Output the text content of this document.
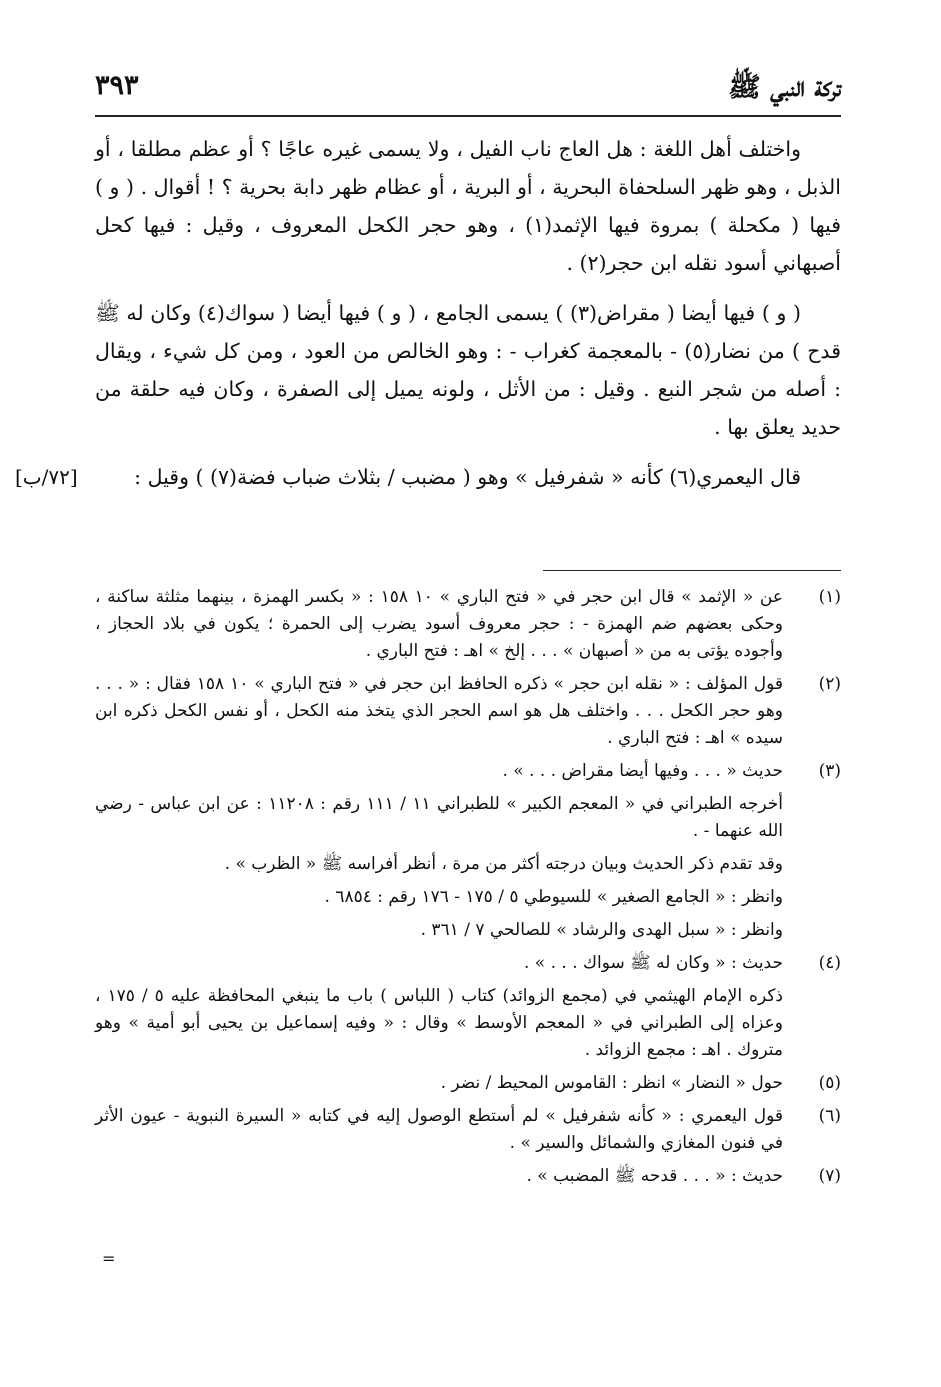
تركة النبي ﷺ
٣٩٣

واختلف أهل اللغة : هل العاج ناب الفيل ، ولا يسمى غيره عاجًا ؟ أو عظم مطلقا ، أو الذبل ، وهو ظهر السلحفاة البحرية ، أو البرية ، أو عظام ظهر دابة بحرية ؟ ! أقوال . ( و ) فيها ( مكحلة ) بمروة فيها الإثمد(١) ، وهو حجر الكحل المعروف ، وقيل : فيها كحل أصبهاني أسود نقله ابن حجر(٢) .

( و ) فيها أيضا ( مقراض(٣) ) يسمى الجامع ، ( و ) فيها أيضا ( سواك(٤) وكان له ﷺ قدح ) من نضار(٥) - بالمعجمة كغراب - : وهو الخالص من العود ، ومن كل شيء ، ويقال : أصله من شجر النبع . وقيل : من الأثل ، ولونه يميل إلى الصفرة ، وكان فيه حلقة من حديد يعلق بها .

قال اليعمري(٦) كأنه « شفرفيل » وهو ( مضبب / بثلاث ضباب فضة(٧) ) وقيل :
[٧٢/ب]

(١)
عن « الإثمد » قال ابن حجر في « فتح الباري » ١٠ ١٥٨ : « بكسر الهمزة ، بينهما مثلثة ساكنة ، وحكى بعضهم ضم الهمزة - : حجر معروف أسود يضرب إلى الحمرة ؛ يكون في بلاد الحجاز ، وأجوده يؤتى به من « أصبهان » . . . إلخ » اهـ : فتح الباري .
(٢)
قول المؤلف : « نقله ابن حجر » ذكره الحافظ ابن حجر في « فتح الباري » ١٠ ١٥٨ فقال : « . . . وهو حجر الكحل . . . واختلف هل هو اسم الحجر الذي يتخذ منه الكحل ، أو نفس الكحل ذكره ابن سيده » اهـ : فتح الباري .
(٣)
حديث « . . . وفيها أيضا مقراض . . . » .
أخرجه الطبراني في « المعجم الكبير » للطبراني ١١ / ١١١ رقم : ١١٢٠٨ : عن ابن عباس - رضي الله عنهما - .
وقد تقدم ذكر الحديث وبيان درجته أكثر من مرة ، أنظر أفراسه ﷺ « الظرب » .
وانظر : « الجامع الصغير » للسيوطي ٥ / ١٧٥ - ١٧٦ رقم : ٦٨٥٤ .
وانظر : « سبل الهدى والرشاد » للصالحي ٧ / ٣٦١ .
(٤)
حديث : « وكان له ﷺ سواك . . . » .
ذكره الإمام الهيثمي في (مجمع الزوائد) كتاب ( اللباس ) باب ما ينبغي المحافظة عليه ٥ / ١٧٥ ، وعزاه إلى الطبراني في « المعجم الأوسط » وقال : « وفيه إسماعيل بن يحيى أبو أمية » وهو متروك . اهـ : مجمع الزوائد .
(٥)
حول « النضار » انظر : القاموس المحيط / نضر .
(٦)
قول اليعمري : « كأنه شفرفيل » لم أستطع الوصول إليه في كتابه « السيرة النبوية - عيون الأثر في فنون المغازي والشمائل والسير » .
(٧)
حديث : « . . . قدحه ﷺ المضبب » .
=
